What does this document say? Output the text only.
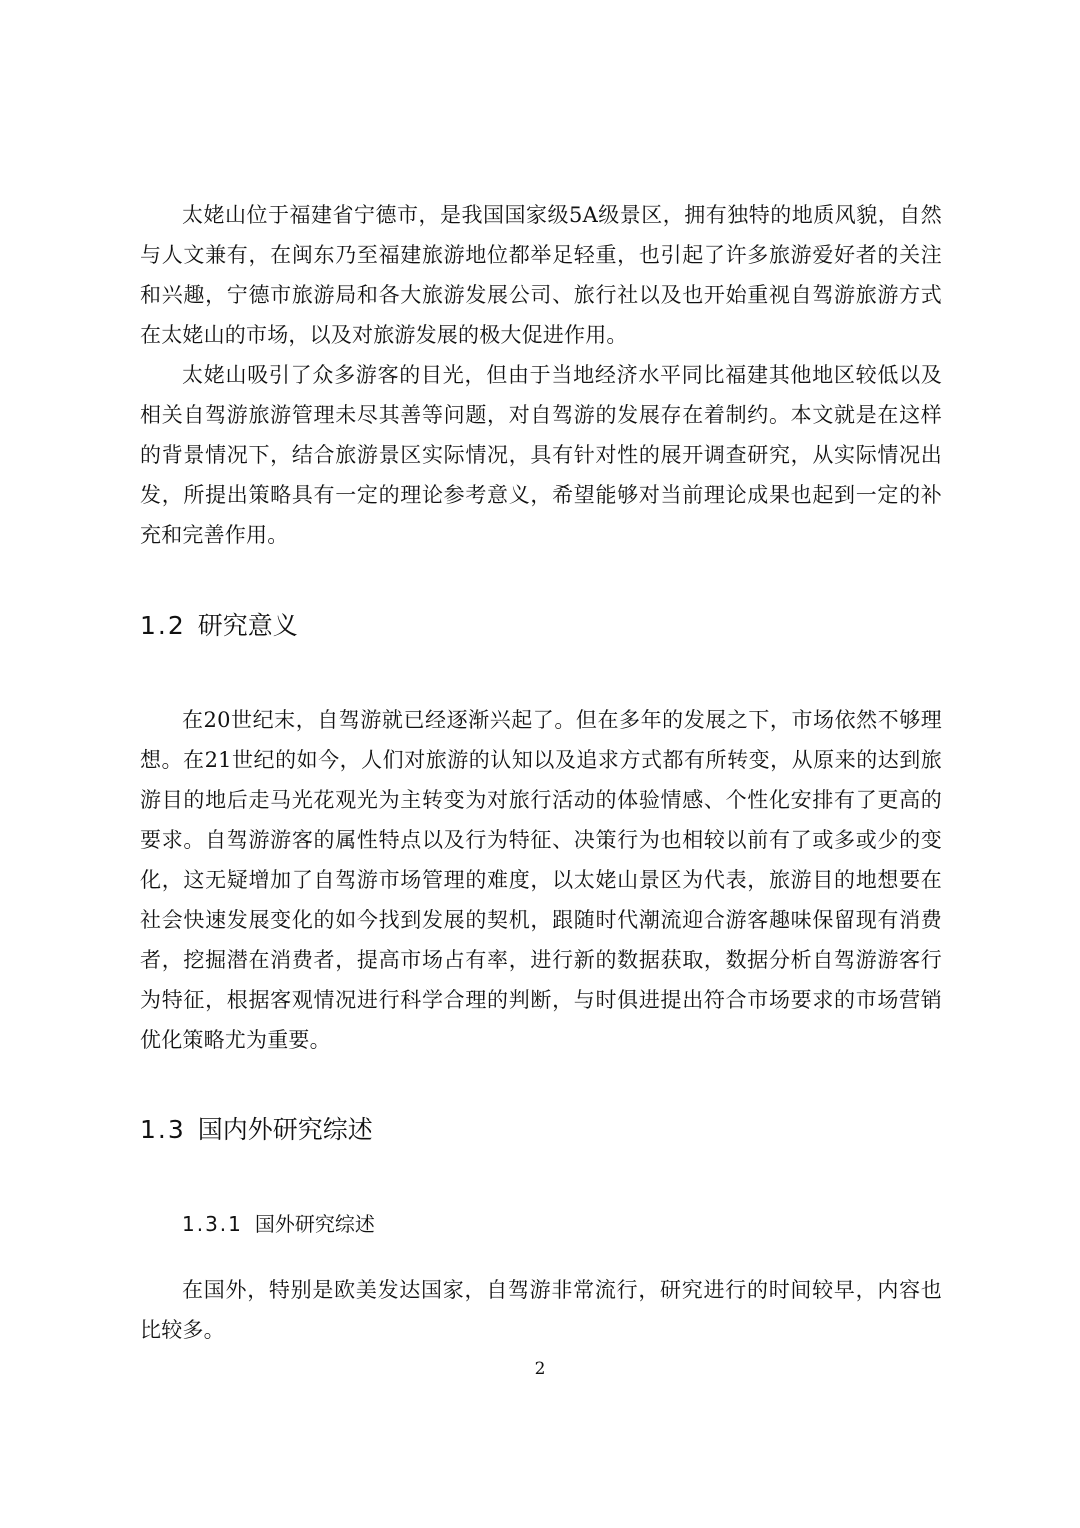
太姥山位于福建省宁德市，是我国国家级5A级景区，拥有独特的地质风貌，自然与人文兼有，在闽东乃至福建旅游地位都举足轻重，也引起了许多旅游爱好者的关注和兴趣，宁德市旅游局和各大旅游发展公司、旅行社以及也开始重视自驾游旅游方式在太姥山的市场，以及对旅游发展的极大促进作用。

太姥山吸引了众多游客的目光，但由于当地经济水平同比福建其他地区较低以及相关自驾游旅游管理未尽其善等问题，对自驾游的发展存在着制约。本文就是在这样的背景情况下，结合旅游景区实际情况，具有针对性的展开调查研究，从实际情况出发，所提出策略具有一定的理论参考意义，希望能够对当前理论成果也起到一定的补充和完善作用。

1.2 研究意义

在20世纪末，自驾游就已经逐渐兴起了。但在多年的发展之下，市场依然不够理想。在21世纪的如今，人们对旅游的认知以及追求方式都有所转变，从原来的达到旅游目的地后走马光花观光为主转变为对旅行活动的体验情感、个性化安排有了更高的要求。自驾游游客的属性特点以及行为特征、决策行为也相较以前有了或多或少的变化，这无疑增加了自驾游市场管理的难度，以太姥山景区为代表，旅游目的地想要在社会快速发展变化的如今找到发展的契机，跟随时代潮流迎合游客趣味保留现有消费者，挖掘潜在消费者，提高市场占有率，进行新的数据获取，数据分析自驾游游客行为特征，根据客观情况进行科学合理的判断，与时俱进提出符合市场要求的市场营销优化策略尤为重要。

1.3 国内外研究综述
1.3.1 国外研究综述

在国外，特别是欧美发达国家，自驾游非常流行，研究进行的时间较早，内容也比较多。

2
